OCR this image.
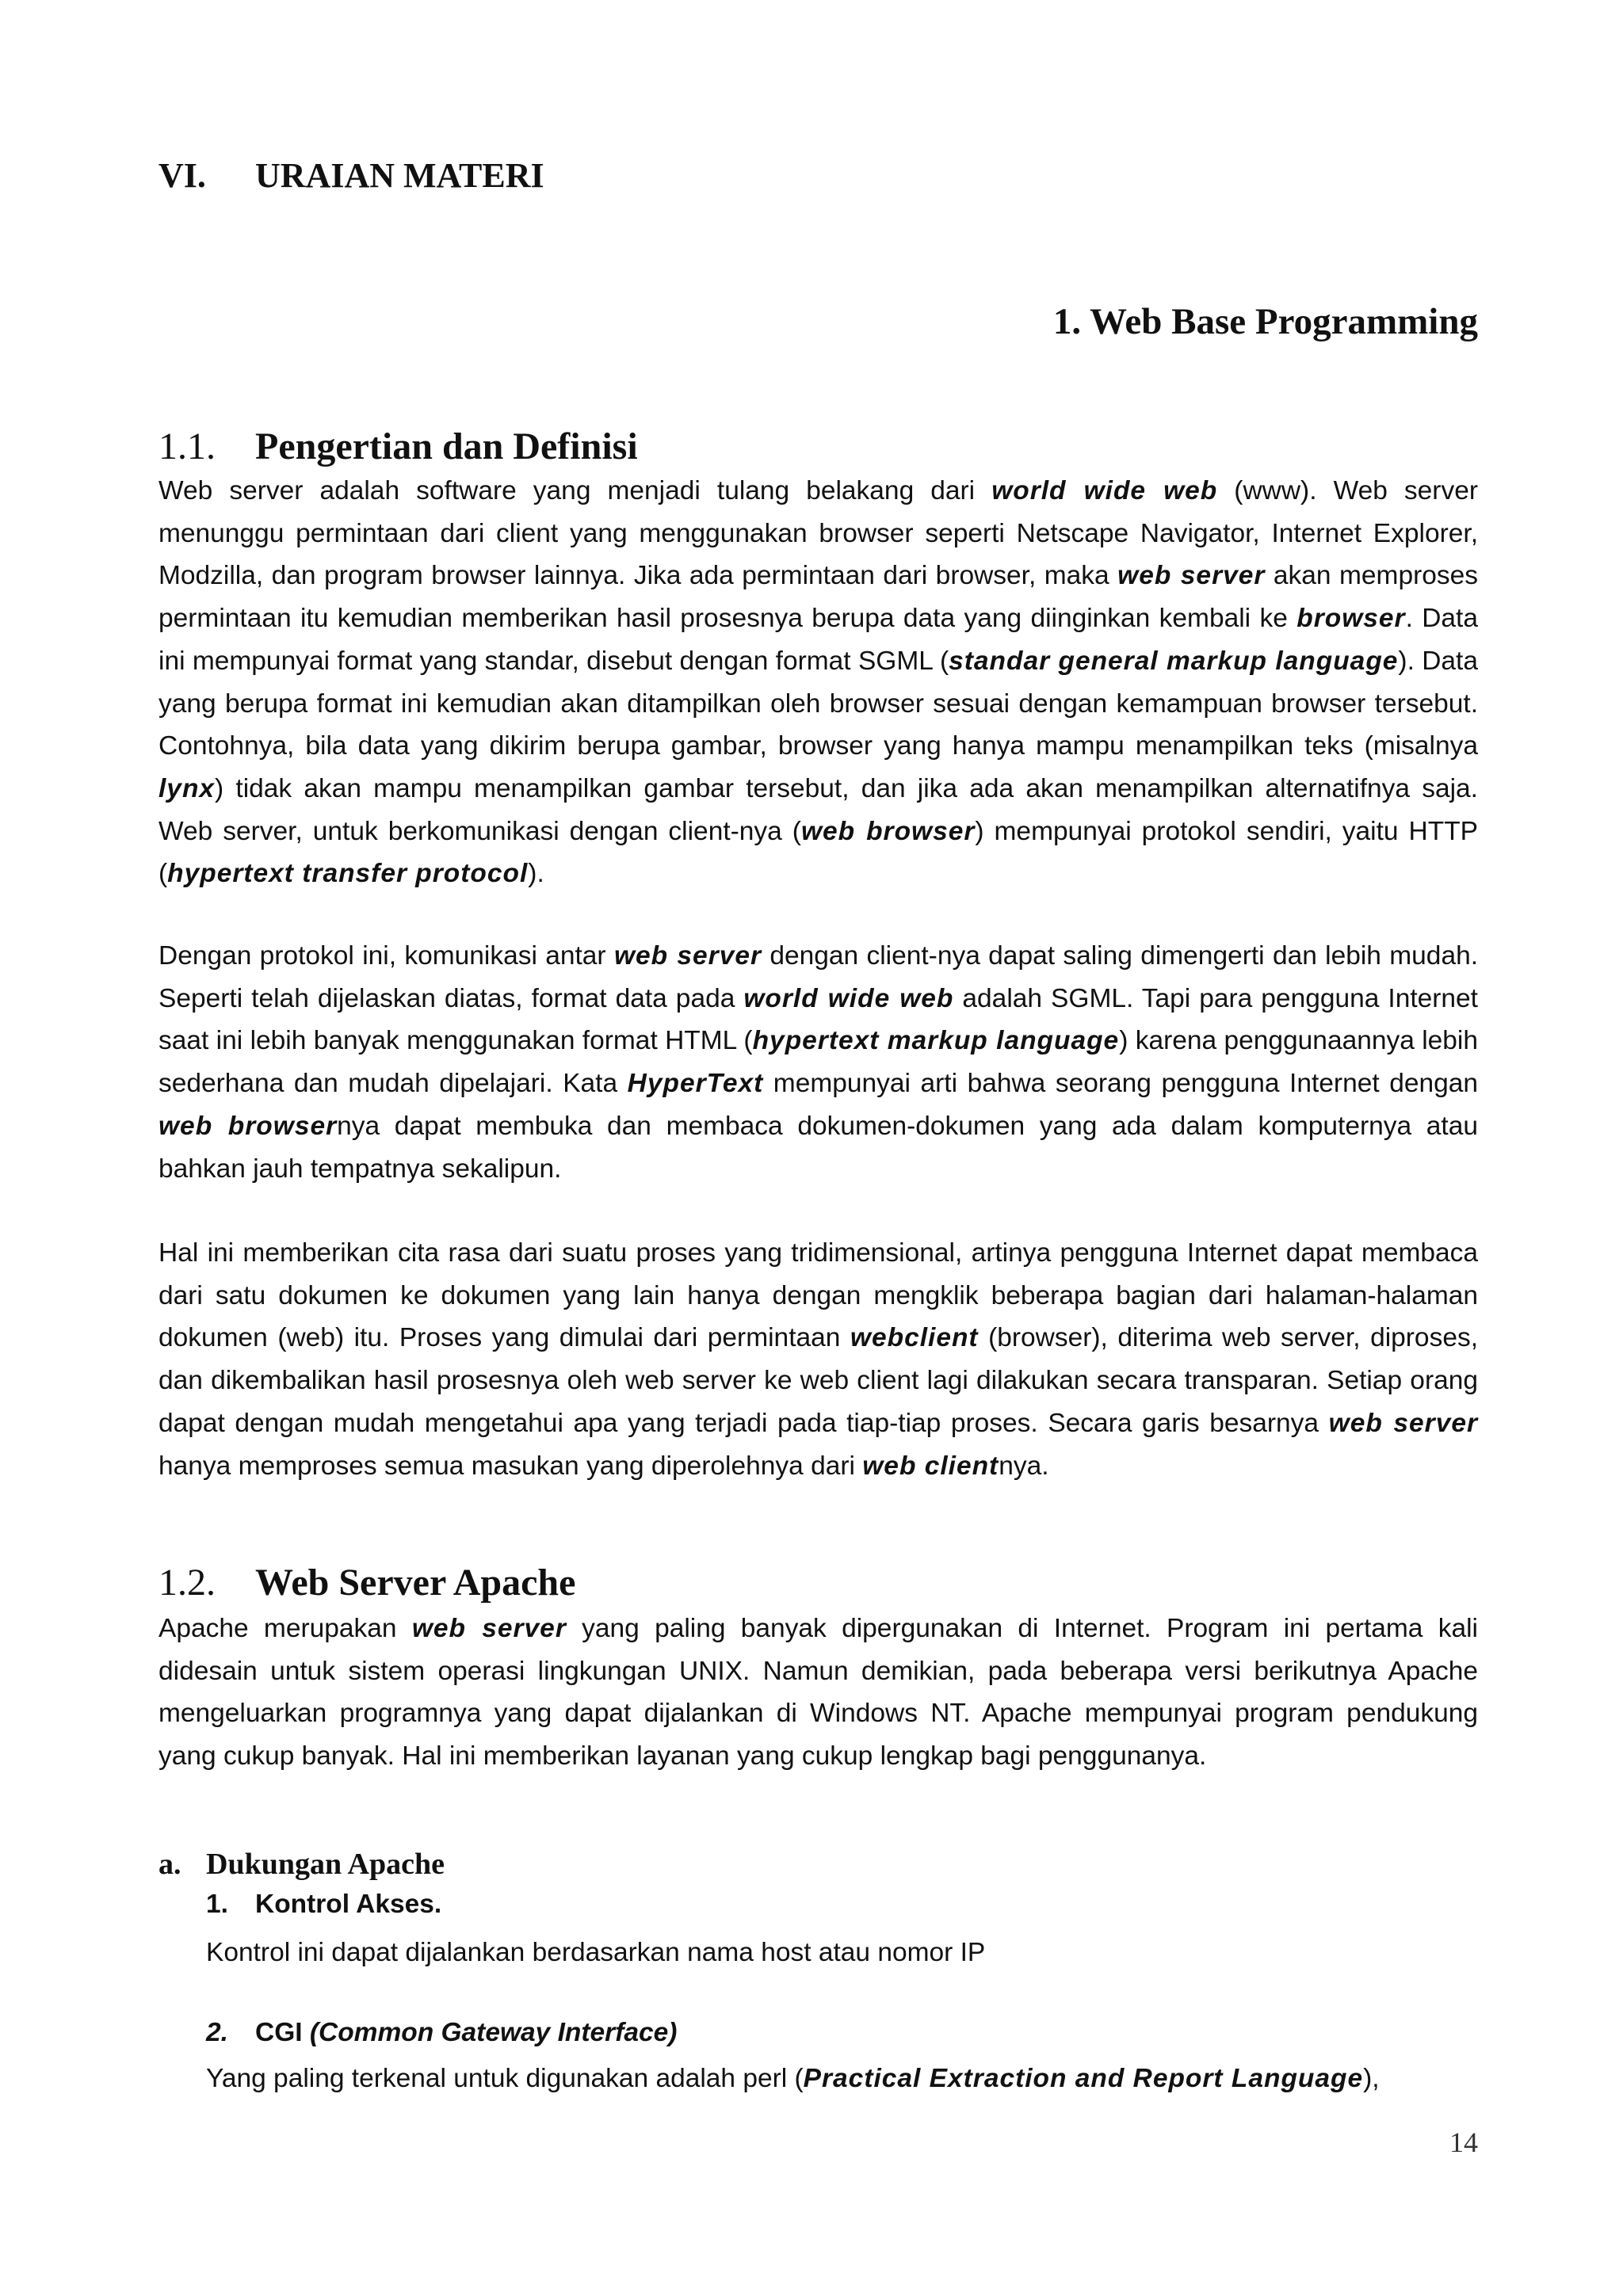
VI. URAIAN MATERI
1. Web Base Programming
1.1. Pengertian dan Definisi

Web server adalah software yang menjadi tulang belakang dari world wide web (www). Web server menunggu permintaan dari client yang menggunakan browser seperti Netscape Navigator, Internet Explorer, Modzilla, dan program browser lainnya. Jika ada permintaan dari browser, maka web server akan memproses permintaan itu kemudian memberikan hasil prosesnya berupa data yang diinginkan kembali ke browser. Data ini mempunyai format yang standar, disebut dengan format SGML (standar general markup language). Data yang berupa format ini kemudian akan ditampilkan oleh browser sesuai dengan kemampuan browser tersebut. Contohnya, bila data yang dikirim berupa gambar, browser yang hanya mampu menampilkan teks (misalnya lynx) tidak akan mampu menampilkan gambar tersebut, dan jika ada akan menampilkan alternatifnya saja. Web server, untuk berkomunikasi dengan client-nya (web browser) mempunyai protokol sendiri, yaitu HTTP (hypertext transfer protocol).

Dengan protokol ini, komunikasi antar web server dengan client-nya dapat saling dimengerti dan lebih mudah. Seperti telah dijelaskan diatas, format data pada world wide web adalah SGML. Tapi para pengguna Internet saat ini lebih banyak menggunakan format HTML (hypertext markup language) karena penggunaannya lebih sederhana dan mudah dipelajari. Kata HyperText mempunyai arti bahwa seorang pengguna Internet dengan web browsernya dapat membuka dan membaca dokumen-dokumen yang ada dalam komputernya atau bahkan jauh tempatnya sekalipun.

Hal ini memberikan cita rasa dari suatu proses yang tridimensional, artinya pengguna Internet dapat membaca dari satu dokumen ke dokumen yang lain hanya dengan mengklik beberapa bagian dari halaman-halaman dokumen (web) itu. Proses yang dimulai dari permintaan webclient (browser), diterima web server, diproses, dan dikembalikan hasil prosesnya oleh web server ke web client lagi dilakukan secara transparan. Setiap orang dapat dengan mudah mengetahui apa yang terjadi pada tiap-tiap proses. Secara garis besarnya web server hanya memproses semua masukan yang diperolehnya dari web clientnya.

1.2. Web Server Apache

Apache merupakan web server yang paling banyak dipergunakan di Internet. Program ini pertama kali didesain untuk sistem operasi lingkungan UNIX. Namun demikian, pada beberapa versi berikutnya Apache mengeluarkan programnya yang dapat dijalankan di Windows NT. Apache mempunyai program pendukung yang cukup banyak. Hal ini memberikan layanan yang cukup lengkap bagi penggunanya.

a. Dukungan Apache
1. Kontrol Akses.

Kontrol ini dapat dijalankan berdasarkan nama host atau nomor IP

2. CGI (Common Gateway Interface)

Yang paling terkenal untuk digunakan adalah perl (Practical Extraction and Report Language),

14
